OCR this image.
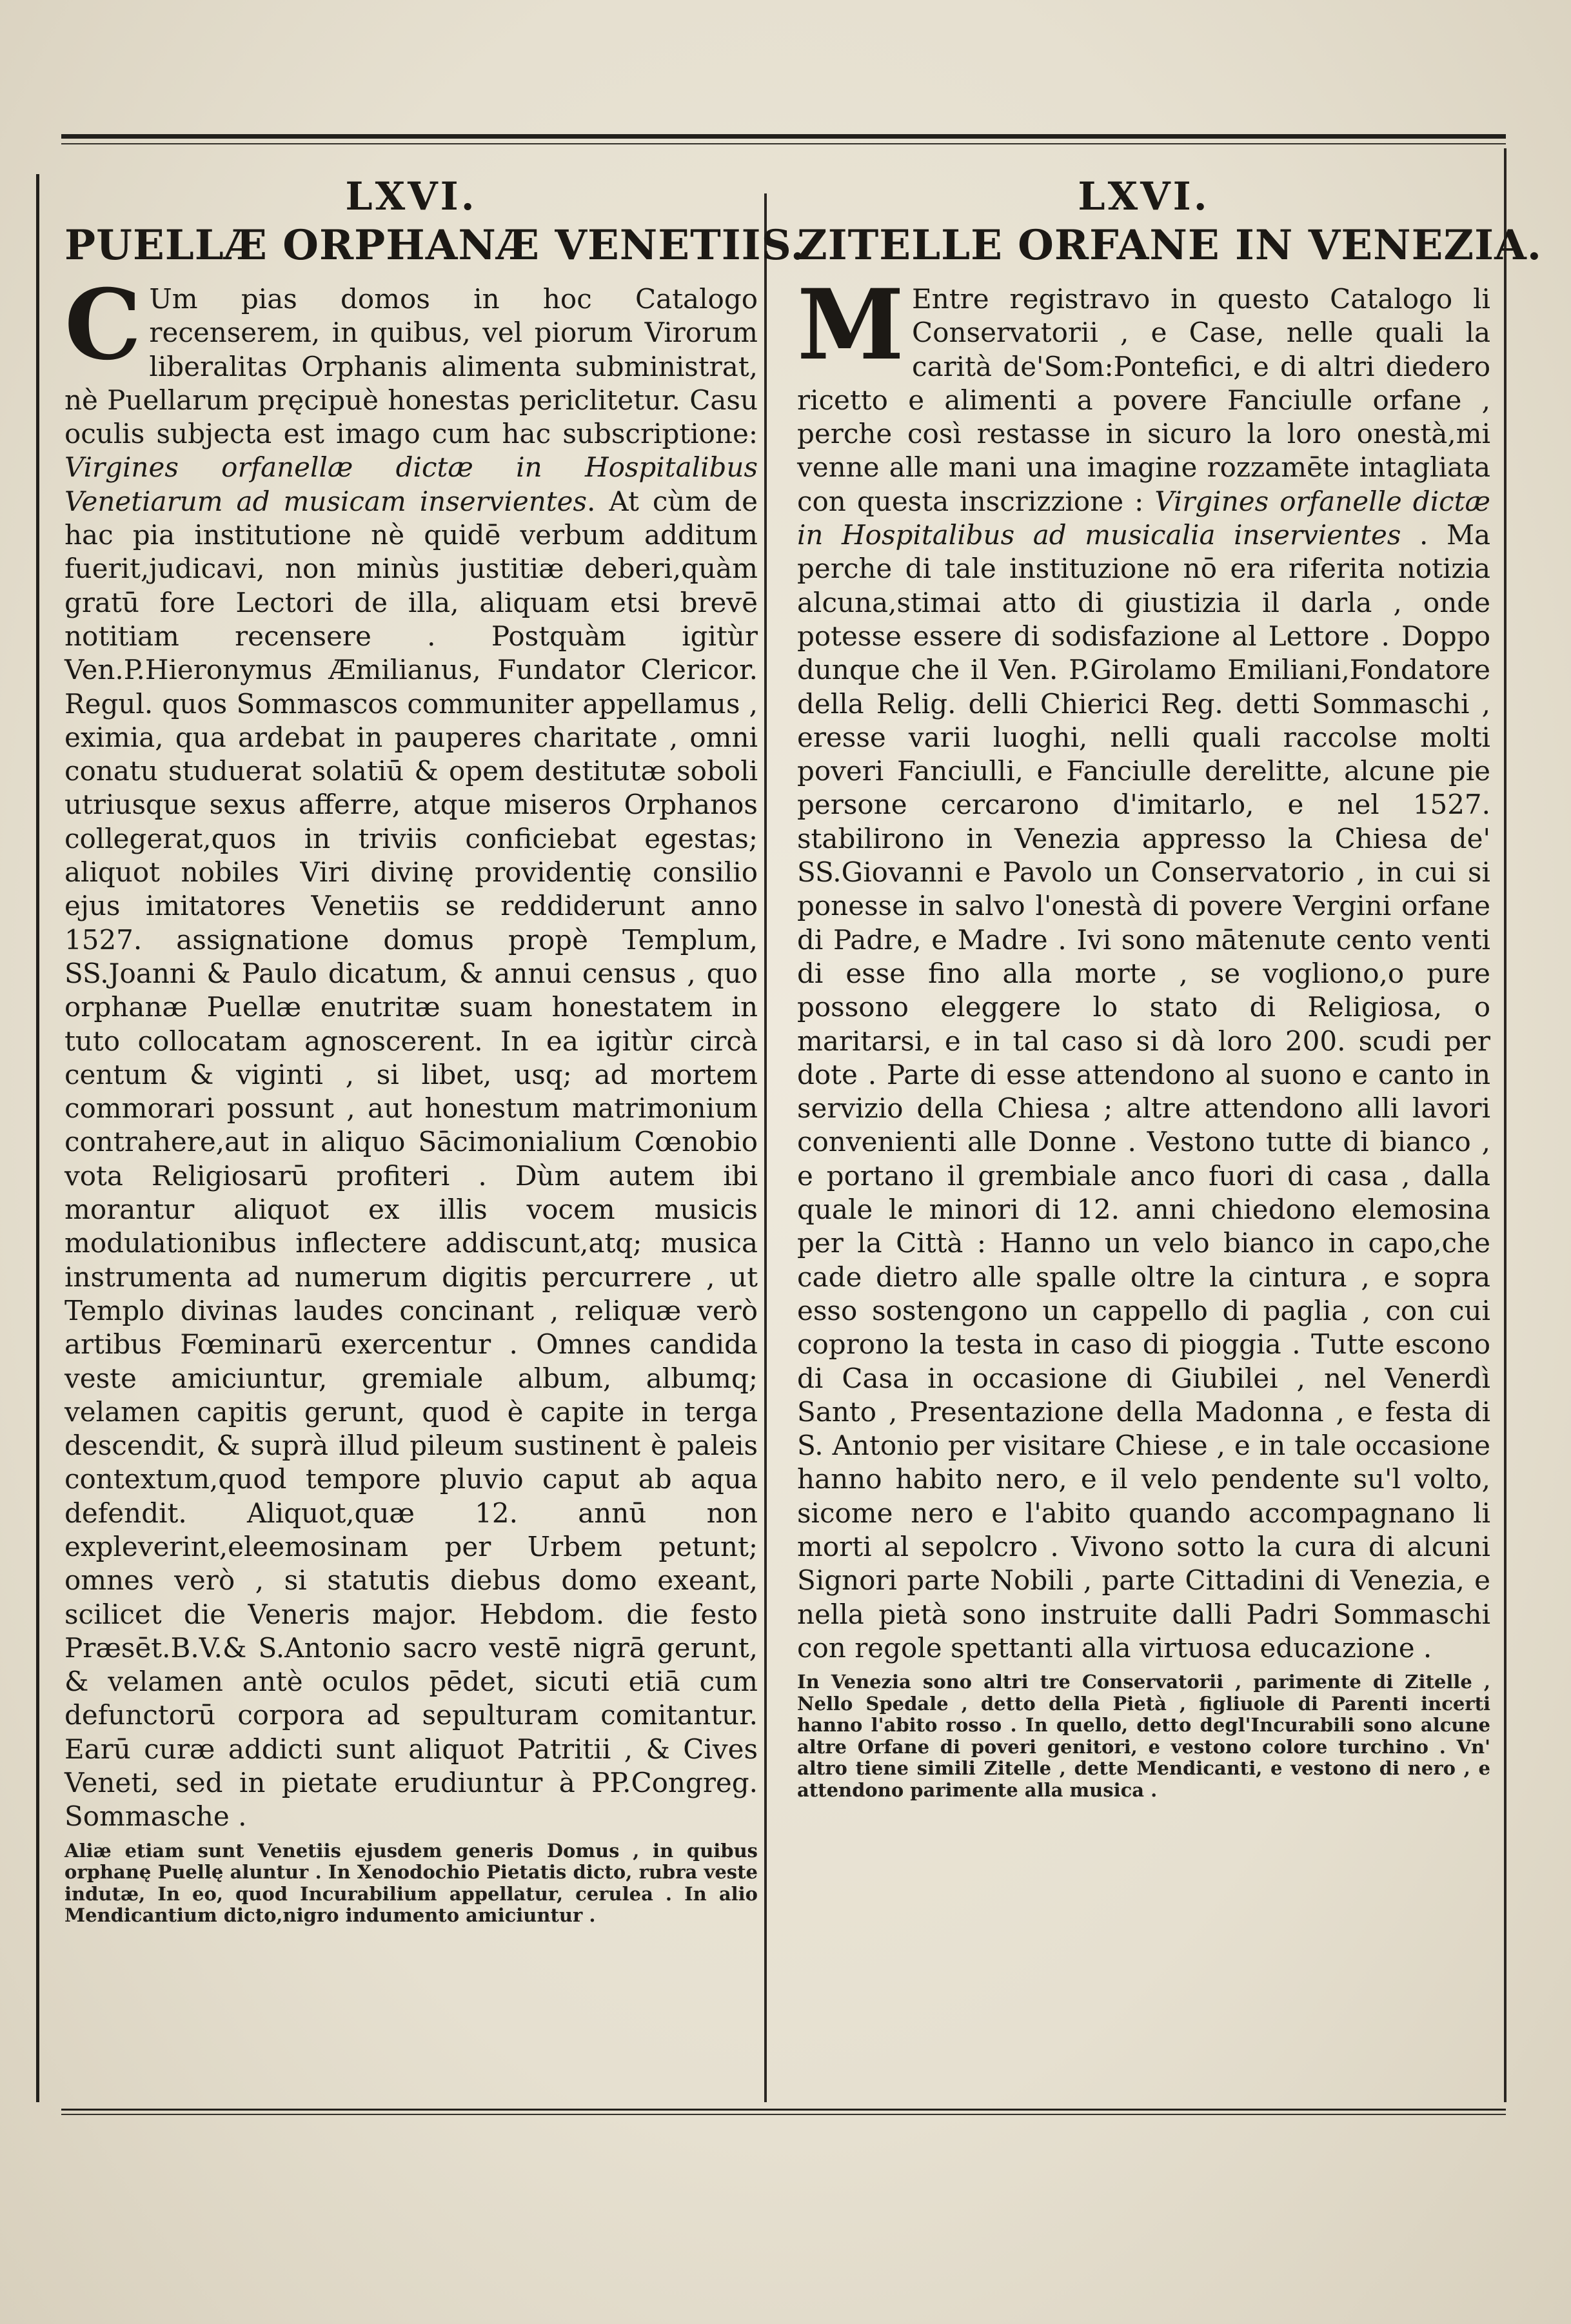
LXVI.
PUELLÆ ORPHANÆ VENETIIS.
C Um pias domos in hoc Catalogo recenserem, in quibus, vel piorum Virorum liberalitas Orphanis alimenta subministrat, nè Puellarum pręcipuè honestas periclitetur. Casu oculis subjecta est imago cum hac subscriptione: Virgines orfanellæ dictæ in Hospitalibus Venetiarum ad musicam inservientes. At cùm de hac pia institutione nè quidē verbum additum fuerit,judicavi, non minùs justitiæ deberi,quàm gratū fore Lectori de illa, aliquam etsi brevē notitiam recensere . Postquàm igitùr Ven.P.Hieronymus Æmilianus, Fundator Clericor. Regul. quos Sommascos communiter appellamus , eximia, qua ardebat in pauperes charitate , omni conatu studuerat solatiū & opem destitutæ soboli utriusque sexus afferre, atque miseros Orphanos collegerat,quos in triviis conficiebat egestas; aliquot nobiles Viri divinę providentię consilio ejus imitatores Venetiis se reddiderunt anno 1527. assignatione domus propè Templum, SS.Joanni & Paulo dicatum, & annui census , quo orphanæ Puellæ enutritæ suam honestatem in tuto collocatam agnoscerent. In ea igitùr circà centum & viginti , si libet, usq; ad mortem commorari possunt , aut honestum matrimonium contrahere,aut in aliquo Sācimonialium Cœnobio vota Religiosarū profiteri . Dùm autem ibi morantur aliquot ex illis vocem musicis modulationibus inflectere addiscunt,atq; musica instrumenta ad numerum digitis percurrere , ut Templo divinas laudes concinant , reliquæ verò artibus Fœminarū exercentur . Omnes candida veste amiciuntur, gremiale album, albumq; velamen capitis gerunt, quod è capite in terga descendit, & suprà illud pileum sustinent è paleis contextum,quod tempore pluvio caput ab aqua defendit. Aliquot,quæ 12. annū non expleverint,eleemosinam per Urbem petunt; omnes verò , si statutis diebus domo exeant, scilicet die Veneris major. Hebdom. die festo Præsēt.B.V.& S.Antonio sacro vestē nigrā gerunt, & velamen antè oculos pēdet, sicuti etiā cum defunctorū corpora ad sepulturam comitantur. Earū curæ addicti sunt aliquot Patritii , & Cives Veneti, sed in pietate erudiuntur à PP.Congreg. Sommasche .
Aliæ etiam sunt Venetiis ejusdem generis Domus , in quibus orphanę Puellę aluntur . In Xenodochio Pietatis dicto, rubra veste indutæ, In eo, quod Incurabilium appellatur, cerulea . In alio Mendicantium dicto,nigro indumento amiciuntur .
LXVI.
ZITELLE ORFANE IN VENEZIA.
M Entre registravo in questo Catalogo li Conservatorii , e Case, nelle quali la carità de'Som:Pontefici, e di altri diedero ricetto e alimenti a povere Fanciulle orfane , perche così restasse in sicuro la loro onestà,mi venne alle mani una imagine rozzamēte intagliata con questa inscrizzione : Virgines orfanelle dictæ in Hospitalibus ad musicalia inservientes . Ma perche di tale instituzione nō era riferita notizia alcuna,stimai atto di giustizia il darla , onde potesse essere di sodisfazione al Lettore . Doppo dunque che il Ven. P.Girolamo Emiliani,Fondatore della Relig. delli Chierici Reg. detti Sommaschi , eresse varii luoghi, nelli quali raccolse molti poveri Fanciulli, e Fanciulle derelitte, alcune pie persone cercarono d'imitarlo, e nel 1527. stabilirono in Venezia appresso la Chiesa de' SS.Giovanni e Pavolo un Conservatorio , in cui si ponesse in salvo l'onestà di povere Vergini orfane di Padre, e Madre . Ivi sono mātenute cento venti di esse fino alla morte , se vogliono,o pure possono eleggere lo stato di Religiosa, o maritarsi, e in tal caso si dà loro 200. scudi per dote . Parte di esse attendono al suono e canto in servizio della Chiesa ; altre attendono alli lavori convenienti alle Donne . Vestono tutte di bianco , e portano il grembiale anco fuori di casa , dalla quale le minori di 12. anni chiedono elemosina per la Città : Hanno un velo bianco in capo,che cade dietro alle spalle oltre la cintura , e sopra esso sostengono un cappello di paglia , con cui coprono la testa in caso di pioggia . Tutte escono di Casa in occasione di Giubilei , nel Venerdì Santo , Presentazione della Madonna , e festa di S. Antonio per visitare Chiese , e in tale occasione hanno habito nero, e il velo pendente su'l volto, sicome nero e l'abito quando accompagnano li morti al sepolcro . Vivono sotto la cura di alcuni Signori parte Nobili , parte Cittadini di Venezia, e nella pietà sono instruite dalli Padri Sommaschi con regole spettanti alla virtuosa educazione .
In Venezia sono altri tre Conservatorii , parimente di Zitelle , Nello Spedale , detto della Pietà , figliuole di Parenti incerti hanno l'abito rosso . In quello, detto degl'Incurabili sono alcune altre Orfane di poveri genitori, e vestono colore turchino . Vn' altro tiene simili Zitelle , dette Mendicanti, e vestono di nero , e attendono parimente alla musica .
